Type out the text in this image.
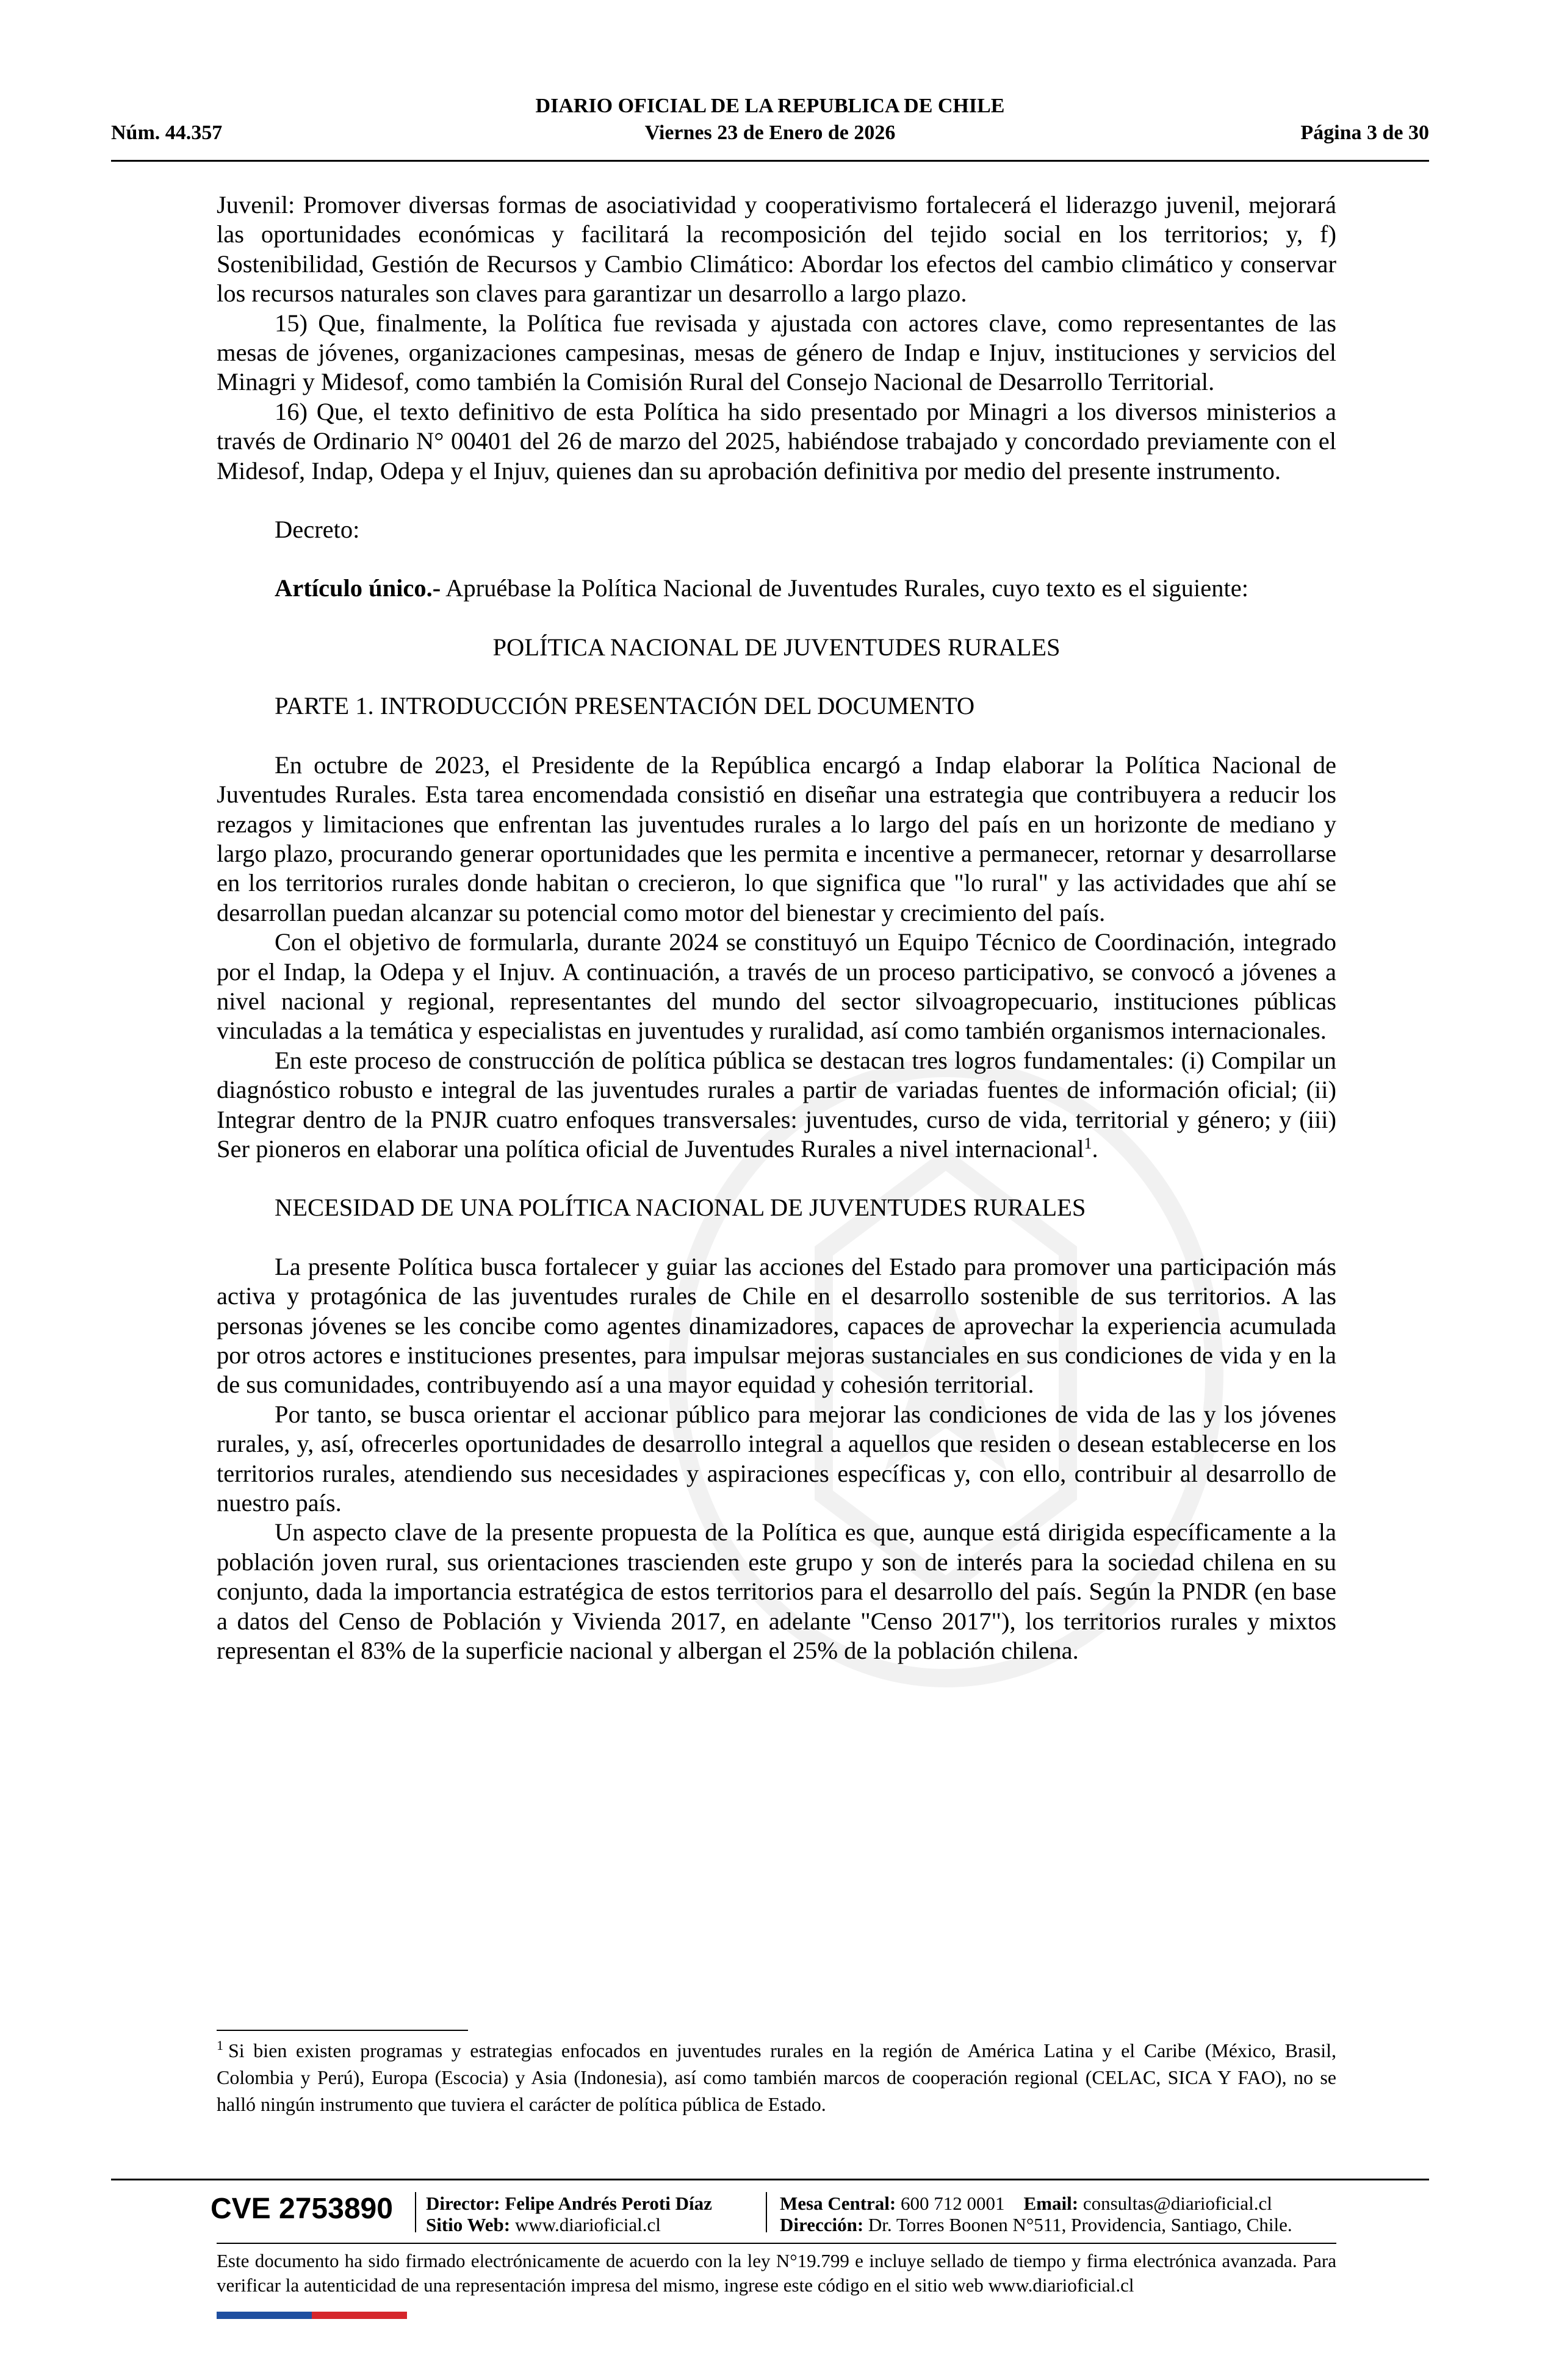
DIARIO OFICIAL DE LA REPUBLICA DE CHILE
Núm. 44.357	Viernes 23 de Enero de 2026	Página 3 de 30

Juvenil: Promover diversas formas de asociatividad y cooperativismo fortalecerá el liderazgo juvenil, mejorará las oportunidades económicas y facilitará la recomposición del tejido social en los territorios; y, f) Sostenibilidad, Gestión de Recursos y Cambio Climático: Abordar los efectos del cambio climático y conservar los recursos naturales son claves para garantizar un desarrollo a largo plazo.

15) Que, finalmente, la Política fue revisada y ajustada con actores clave, como representantes de las mesas de jóvenes, organizaciones campesinas, mesas de género de Indap e Injuv, instituciones y servicios del Minagri y Midesof, como también la Comisión Rural del Consejo Nacional de Desarrollo Territorial.

16) Que, el texto definitivo de esta Política ha sido presentado por Minagri a los diversos ministerios a través de Ordinario N° 00401 del 26 de marzo del 2025, habiéndose trabajado y concordado previamente con el Midesof, Indap, Odepa y el Injuv, quienes dan su aprobación definitiva por medio del presente instrumento.

Decreto:

Artículo único.- Apruébase la Política Nacional de Juventudes Rurales, cuyo texto es el siguiente:

POLÍTICA NACIONAL DE JUVENTUDES RURALES

PARTE 1. INTRODUCCIÓN PRESENTACIÓN DEL DOCUMENTO

En octubre de 2023, el Presidente de la República encargó a Indap elaborar la Política Nacional de Juventudes Rurales. Esta tarea encomendada consistió en diseñar una estrategia que contribuyera a reducir los rezagos y limitaciones que enfrentan las juventudes rurales a lo largo del país en un horizonte de mediano y largo plazo, procurando generar oportunidades que les permita e incentive a permanecer, retornar y desarrollarse en los territorios rurales donde habitan o crecieron, lo que significa que "lo rural" y las actividades que ahí se desarrollan puedan alcanzar su potencial como motor del bienestar y crecimiento del país.

Con el objetivo de formularla, durante 2024 se constituyó un Equipo Técnico de Coordinación, integrado por el Indap, la Odepa y el Injuv. A continuación, a través de un proceso participativo, se convocó a jóvenes a nivel nacional y regional, representantes del mundo del sector silvoagropecuario, instituciones públicas vinculadas a la temática y especialistas en juventudes y ruralidad, así como también organismos internacionales.

En este proceso de construcción de política pública se destacan tres logros fundamentales: (i) Compilar un diagnóstico robusto e integral de las juventudes rurales a partir de variadas fuentes de información oficial; (ii) Integrar dentro de la PNJR cuatro enfoques transversales: juventudes, curso de vida, territorial y género; y (iii) Ser pioneros en elaborar una política oficial de Juventudes Rurales a nivel internacional$^1$.

NECESIDAD DE UNA POLÍTICA NACIONAL DE JUVENTUDES RURALES

La presente Política busca fortalecer y guiar las acciones del Estado para promover una participación más activa y protagónica de las juventudes rurales de Chile en el desarrollo sostenible de sus territorios. A las personas jóvenes se les concibe como agentes dinamizadores, capaces de aprovechar la experiencia acumulada por otros actores e instituciones presentes, para impulsar mejoras sustanciales en sus condiciones de vida y en la de sus comunidades, contribuyendo así a una mayor equidad y cohesión territorial.

Por tanto, se busca orientar el accionar público para mejorar las condiciones de vida de las y los jóvenes rurales, y, así, ofrecerles oportunidades de desarrollo integral a aquellos que residen o desean establecerse en los territorios rurales, atendiendo sus necesidades y aspiraciones específicas y, con ello, contribuir al desarrollo de nuestro país.

Un aspecto clave de la presente propuesta de la Política es que, aunque está dirigida específicamente a la población joven rural, sus orientaciones trascienden este grupo y son de interés para la sociedad chilena en su conjunto, dada la importancia estratégica de estos territorios para el desarrollo del país. Según la PNDR (en base a datos del Censo de Población y Vivienda 2017, en adelante "Censo 2017"), los territorios rurales y mixtos representan el 83% de la superficie nacional y albergan el 25% de la población chilena.

$^1$ Si bien existen programas y estrategias enfocados en juventudes rurales en la región de América Latina y el Caribe (México, Brasil, Colombia y Perú), Europa (Escocia) y Asia (Indonesia), así como también marcos de cooperación regional (CELAC, SICA Y FAO), no se halló ningún instrumento que tuviera el carácter de política pública de Estado.
CVE 2753890 Director: Felipe Andrés Peroti Díaz
Sitio Web: www.diarioficial.cl
Mesa Central: 600 712 0001 Email: consultas@diarioficial.cl
Dirección: Dr. Torres Boonen N°511, Providencia, Santiago, Chile.
Este documento ha sido firmado electrónicamente de acuerdo con la ley N°19.799 e incluye sellado de tiempo y firma electrónica avanzada. Para verificar la autenticidad de una representación impresa del mismo, ingrese este código en el sitio web www.diarioficial.cl
